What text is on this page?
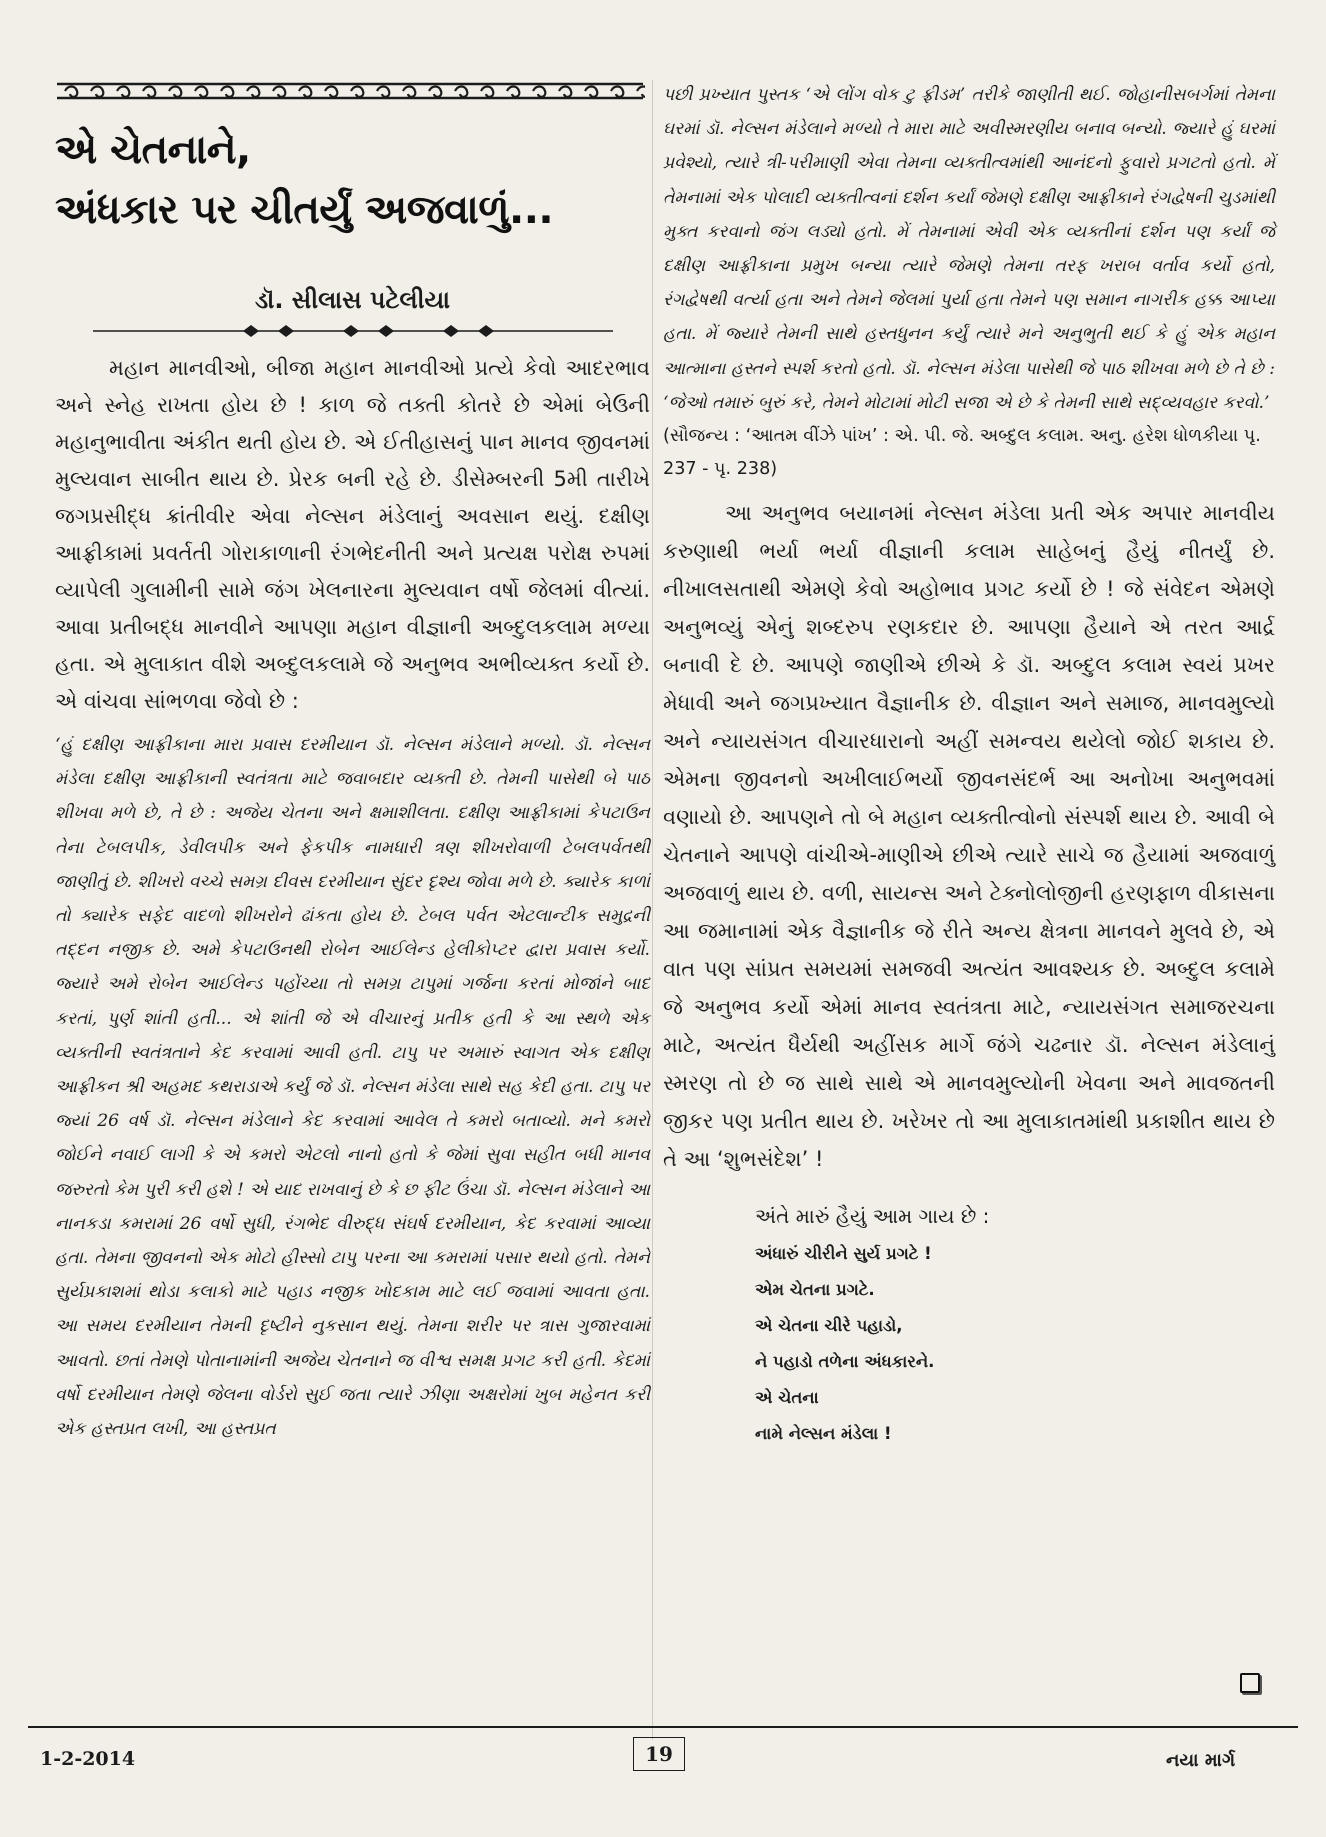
એ ચેતનાને,
અંધકાર પર ચીતર્યું અજવાળું...
ડૉ. સીલાસ પટેલીયા

મહાન માનવીઓ, બીજા મહાન માનવીઓ પ્રત્યે કેવો આદરભાવ અને સ્નેહ રાખતા હોય છે ! કાળ જે તક્તી કોતરે છે એમાં બેઉની મહાનુભાવીતા અંકીત થતી હોય છે. એ ઈતીહાસનું પાન માનવ જીવનમાં મુલ્યવાન સાબીત થાય છે. પ્રેરક બની રહે છે. ડીસેમ્બરની 5મી તારીખે જગપ્રસીદ્ધ ક્રાંતીવીર એવા નેલ્સન મંડેલાનું અવસાન થયું. દક્ષીણ આફ્રીકામાં પ્રવર્તતી ગોરાકાળાની રંગભેદનીતી અને પ્રત્યક્ષ પરોક્ષ રુપમાં વ્યાપેલી ગુલામીની સામે જંગ ખેલનારના મુલ્યવાન વર્ષો જેલમાં વીત્યાં. આવા પ્રતીબદ્ધ માનવીને આપણા મહાન વીજ્ઞાની અબ્દુલકલામ મળ્યા હતા. એ મુલાકાત વીશે અબ્દુલકલામે જે અનુભવ અભીવ્યક્ત કર્યો છે. એ વાંચવા સાંભળવા જેવો છે :

‘હું દક્ષીણ આફ્રીકાના મારા પ્રવાસ દરમીયાન ડૉ. નેલ્સન મંડેલાને મળ્યો. ડૉ. નેલ્સન મંડેલા દક્ષીણ આફ્રીકાની સ્વતંત્રતા માટે જવાબદાર વ્યક્તી છે. તેમની પાસેથી બે પાઠ શીખવા મળે છે, તે છે : અજેય ચેતના અને ક્ષમાશીલતા. દક્ષીણ આફ્રીકામાં કેપટાઉન તેના ટેબલપીક, ડેવીલપીક અને ફેકપીક નામધારી ત્રણ શીખરોવાળી ટેબલપર્વતથી જાણીતું છે. શીખરો વચ્ચે સમગ્ર દીવસ દરમીયાન સુંદર દૃશ્ય જોવા મળે છે. ક્યારેક કાળાં તો ક્યારેક સફેદ વાદળો શીખરોને ઢાંકતા હોય છે. ટેબલ પર્વત એટલાન્ટીક સમુદ્રની તદ્દન નજીક છે. અમે કેપટાઉનથી રોબેન આઈલેન્ડ હેલીકોપ્ટર દ્વારા પ્રવાસ કર્યો. જ્યારે અમે રોબેન આઈલેન્ડ પહોંચ્યા તો સમગ્ર ટાપુમાં ગર્જના કરતાં મોજાંને બાદ કરતાં, પુર્ણ શાંતી હતી... એ શાંતી જે એ વીચારનું પ્રતીક હતી કે આ સ્થળે એક વ્યક્તીની સ્વતંત્રતાને કેદ કરવામાં આવી હતી. ટાપુ પર અમારું સ્વાગત એક દક્ષીણ આફ્રીકન શ્રી અહમદ કથરાડાએ કર્યું જે ડૉ. નેલ્સન મંડેલા સાથે સહ કેદી હતા. ટાપુ પર જ્યાં 26 વર્ષ ડૉ. નેલ્સન મંડેલાને કેદ કરવામાં આવેલ તે કમરો બતાવ્યો. મને કમરો જોઈને નવાઈ લાગી કે એ કમરો એટલો નાનો હતો કે જેમાં સુવા સહીત બધી માનવ જરુરતો કેમ પુરી કરી હશે ! એ યાદ રાખવાનું છે કે છ ફીટ ઉંચા ડૉ. નેલ્સન મંડેલાને આ નાનકડા કમરામાં 26 વર્ષો સુધી, રંગભેદ વીરુદ્ધ સંઘર્ષ દરમીયાન, કેદ કરવામાં આવ્યા હતા. તેમના જીવનનો એક મોટો હીસ્સો ટાપુ પરના આ કમરામાં પસાર થયો હતો. તેમને સુર્યપ્રકાશમાં થોડા કલાકો માટે પહાડ નજીક ખોદકામ માટે લઈ જવામાં આવતા હતા. આ સમય દરમીયાન તેમની દૃષ્ટીને નુકસાન થયું. તેમના શરીર પર ત્રાસ ગુજારવામાં આવતો. છતાં તેમણે પોતાનામાંની અજેય ચેતનાને જ વીશ્વ સમક્ષ પ્રગટ કરી હતી. કેદમાં વર્ષો દરમીયાન તેમણે જેલના વોર્ડરો સુઈ જતા ત્યારે ઝીણા અક્ષરોમાં ખુબ મહેનત કરી એક હસ્તપ્રત લખી, આ હસ્તપ્રત

પછી પ્રખ્યાત પુસ્તક ‘એ લોંગ વોક ટુ ફ્રીડમ’ તરીકે જાણીતી થઈ. જોહાનીસબર્ગમાં તેમના ઘરમાં ડૉ. નેલ્સન મંડેલાને મળ્યો તે મારા માટે અવીસ્મરણીય બનાવ બન્યો. જ્યારે હું ઘરમાં પ્રવેશ્યો, ત્યારે ત્રી-પરીમાણી એવા તેમના વ્યક્તીત્વમાંથી આનંદનો ફુવારો પ્રગટતો હતો. મેં તેમનામાં એક પોલાદી વ્યક્તીત્વનાં દર્શન કર્યાં જેમણે દક્ષીણ આફ્રીકાને રંગદ્વેષની ચુડમાંથી મુક્ત કરવાનો જંગ લડ્યો હતો. મેં તેમનામાં એવી એક વ્યક્તીનાં દર્શન પણ કર્યાં જે દક્ષીણ આફ્રીકાના પ્રમુખ બન્યા ત્યારે જેમણે તેમના તરફ ખરાબ વર્તાવ કર્યો હતો, રંગદ્વેષથી વર્ત્યા હતા અને તેમને જેલમાં પુર્યા હતા તેમને પણ સમાન નાગરીક હક્ક આપ્યા હતા. મેં જ્યારે તેમની સાથે હસ્તધુનન કર્યું ત્યારે મને અનુભુતી થઈ કે હું એક મહાન આત્માના હસ્તને સ્પર્શ કરતો હતો. ડૉ. નેલ્સન મંડેલા પાસેથી જે પાઠ શીખવા મળે છે તે છે : ‘જેઓ તમારું બુરું કરે, તેમને મોટામાં મોટી સજા એ છે કે તેમની સાથે સદ્‌વ્યવહાર કરવો.’

(સૌજન્ય : ‘આતમ વીંઝે પાંખ’ : એ. પી. જે. અબ્દુલ કલામ. અનુ. હરેશ ધોળકીયા પૃ. 237 - પૃ. 238)

આ અનુભવ બયાનમાં નેલ્સન મંડેલા પ્રતી એક અપાર માનવીય કરુણાથી ભર્યા ભર્યા વીજ્ઞાની કલામ સાહેબનું હૈયું નીતર્યું છે. નીખાલસતાથી એમણે કેવો અહોભાવ પ્રગટ કર્યો છે ! જે સંવેદન એમણે અનુભવ્યું એનું શબ્દરુપ રણકદાર છે. આપણા હૈયાને એ તરત આર્દ્ર બનાવી દે છે. આપણે જાણીએ છીએ કે ડૉ. અબ્દુલ કલામ સ્વયં પ્રખર મેધાવી અને જગપ્રખ્યાત વૈજ્ઞાનીક છે. વીજ્ઞાન અને સમાજ, માનવમુલ્યો અને ન્યાયસંગત વીચારધારાનો અહીં સમન્વય થયેલો જોઈ શકાય છે. એમના જીવનનો અખીલાઈભર્યો જીવનસંદર્ભ આ અનોખા અનુભવમાં વણાયો છે. આપણને તો બે મહાન વ્યક્તીત્વોનો સંસ્પર્શ થાય છે. આવી બે ચેતનાને આપણે વાંચીએ-માણીએ છીએ ત્યારે સાચે જ હૈયામાં અજવાળું અજવાળું થાય છે. વળી, સાયન્સ અને ટેક્નોલોજીની હરણફાળ વીકાસના આ જમાનામાં એક વૈજ્ઞાનીક જે રીતે અન્ય ક્ષેત્રના માનવને મુલવે છે, એ વાત પણ સાંપ્રત સમયમાં સમજવી અત્યંત આવશ્યક છે. અબ્દુલ કલામે જે અનુભવ કર્યો એમાં માનવ સ્વતંત્રતા માટે, ન્યાયસંગત સમાજરચના માટે, અત્યંત ધૈર્યથી અહીંસક માર્ગે જંગે ચઢનાર ડૉ. નેલ્સન મંડેલાનું સ્મરણ તો છે જ સાથે સાથે એ માનવમુલ્યોની ખેવના અને માવજતની જીકર પણ પ્રતીત થાય છે. ખરેખર તો આ મુલાકાતમાંથી પ્રકાશીત થાય છે તે આ ‘શુભસંદેશ’ !

અંતે મારું હૈયું આમ ગાય છે :
અંધારું ચીરીને સુર્ય પ્રગટે !
એમ ચેતના પ્રગટે.
એ ચેતના ચીરે પહાડો,
ને પહાડો તળેના અંધકારને.
એ ચેતના
નામે નેલ્સન મંડેલા !
1-2-2014	19	નયા માર્ગ
